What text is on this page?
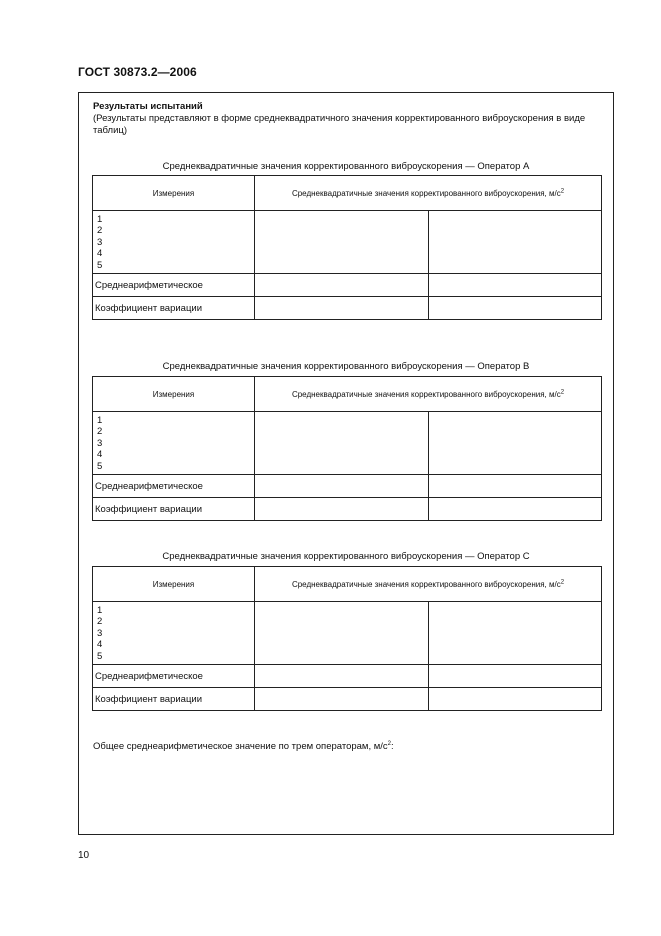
ГОСТ 30873.2—2006
Результаты испытаний
(Результаты представляют в форме среднеквадратичного значения корректированного виброускорения в виде таблиц)
Среднеквадратичные значения корректированного виброускорения — Оператор А
Измерения	Среднеквадратичные значения корректированного виброускорения, $м/с^2$

1
2
3
4
5		

Среднеарифметическое		
Коэффициент вариации		
Среднеквадратичные значения корректированного виброускорения — Оператор В
Измерения	Среднеквадратичные значения корректированного виброускорения, $м/с^2$

1
2
3
4
5		

Среднеарифметическое		
Коэффициент вариации		
Среднеквадратичные значения корректированного виброускорения — Оператор С
Измерения	Среднеквадратичные значения корректированного виброускорения, $м/с^2$

1
2
3
4
5		

Среднеарифметическое		
Коэффициент вариации		
Общее среднеарифметическое значение по трем операторам, $м/с^2$:
10
